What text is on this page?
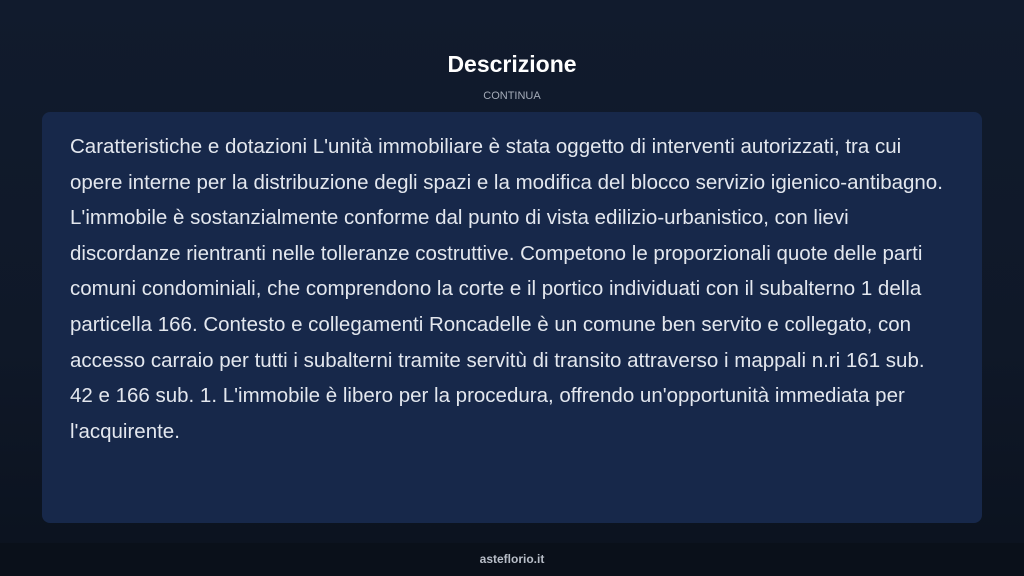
Descrizione
CONTINUA

Caratteristiche e dotazioni L'unità immobiliare è stata oggetto di interventi autorizzati, tra cui opere interne per la distribuzione degli spazi e la modifica del blocco servizio igienico-antibagno. L'immobile è sostanzialmente conforme dal punto di vista edilizio-urbanistico, con lievi discordanze rientranti nelle tolleranze costruttive. Competono le proporzionali quote delle parti comuni condominiali, che comprendono la corte e il portico individuati con il subalterno 1 della particella 166. Contesto e collegamenti Roncadelle è un comune ben servito e collegato, con accesso carraio per tutti i subalterni tramite servitù di transito attraverso i mappali n.ri 161 sub. 42 e 166 sub. 1. L'immobile è libero per la procedura, offrendo un'opportunità immediata per l'acquirente.

asteflorio.it
